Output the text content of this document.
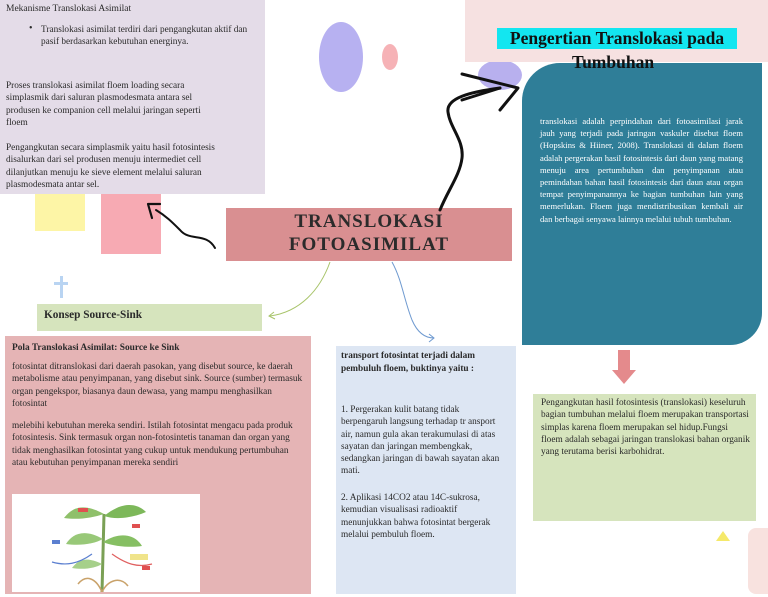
Mekanisme Translokasi Asimilat
• Translokasi asimilat terdiri dari pengangkutan aktif dan pasif berdasarkan kebutuhan energinya.
Proses translokasi asimilat floem loading secara simplasmik dari saluran plasmodesmata antara sel produsen ke companion cell melalui jaringan seperti floem
Pengangkutan secara simplasmik yaitu hasil fotosintesis disalurkan dari sel produsen menuju intermediet cell dilanjutkan menuju ke sieve element melalui saluran plasmodesmata antar sel.
Pengertian Translokasi pada
Tumbuhan
translokasi adalah perpindahan dari fotoasimilasi jarak jauh yang terjadi pada jaringan vaskuler disebut floem (Hopskins & Hiiner, 2008). Translokasi di dalam floem adalah pergerakan hasil fotosintesis dari daun yang matang menuju area pertumbuhan dan penyimpanan atau pemindahan bahan hasil fotosintesis dari daun atau organ tempat penyimpanannya ke bagian tumbuhan lain yang memerlukan. Floem juga mendistribusikan kembali air dan berbagai senyawa lainnya melalui tubuh tumbuhan.
TRANSLOKASI
FOTOASIMILAT
Konsep Source-Sink
Pola Translokasi Asimilat: Source ke Sink
fotosintat ditranslokasi dari daerah pasokan, yang disebut source, ke daerah metabolisme atau penyimpanan, yang disebut sink. Source (sumber) termasuk organ pengekspor, biasanya daun dewasa, yang mampu menghasilkan fotosintat
melebihi kebutuhan mereka sendiri. Istilah fotosintat mengacu pada produk fotosintesis. Sink termasuk organ non-fotosintetis tanaman dan organ yang tidak menghasilkan fotosintat yang cukup untuk mendukung pertumbuhan atau kebutuhan penyimpanan mereka sendiri
transport fotosintat terjadi dalam pembuluh floem, buktinya yaitu :
1. Pergerakan kulit batang tidak berpengaruh langsung terhadap tr ansport air, namun gula akan terakumulasi di atas sayatan dan jaringan membengkak, sedangkan jaringan di bawah sayatan akan mati.
2. Aplikasi 14CO2 atau 14C-sukrosa, kemudian visualisasi radioaktif menunjukkan bahwa fotosintat bergerak melalui pembuluh floem.
Pengangkutan hasil fotosintesis (translokasi) keseluruh bagian tumbuhan melalui floem merupakan transportasi simplas karena floem merupakan sel hidup.Fungsi floem adalah sebagai jaringan translokasi bahan organik yang terutama berisi karbohidrat.
